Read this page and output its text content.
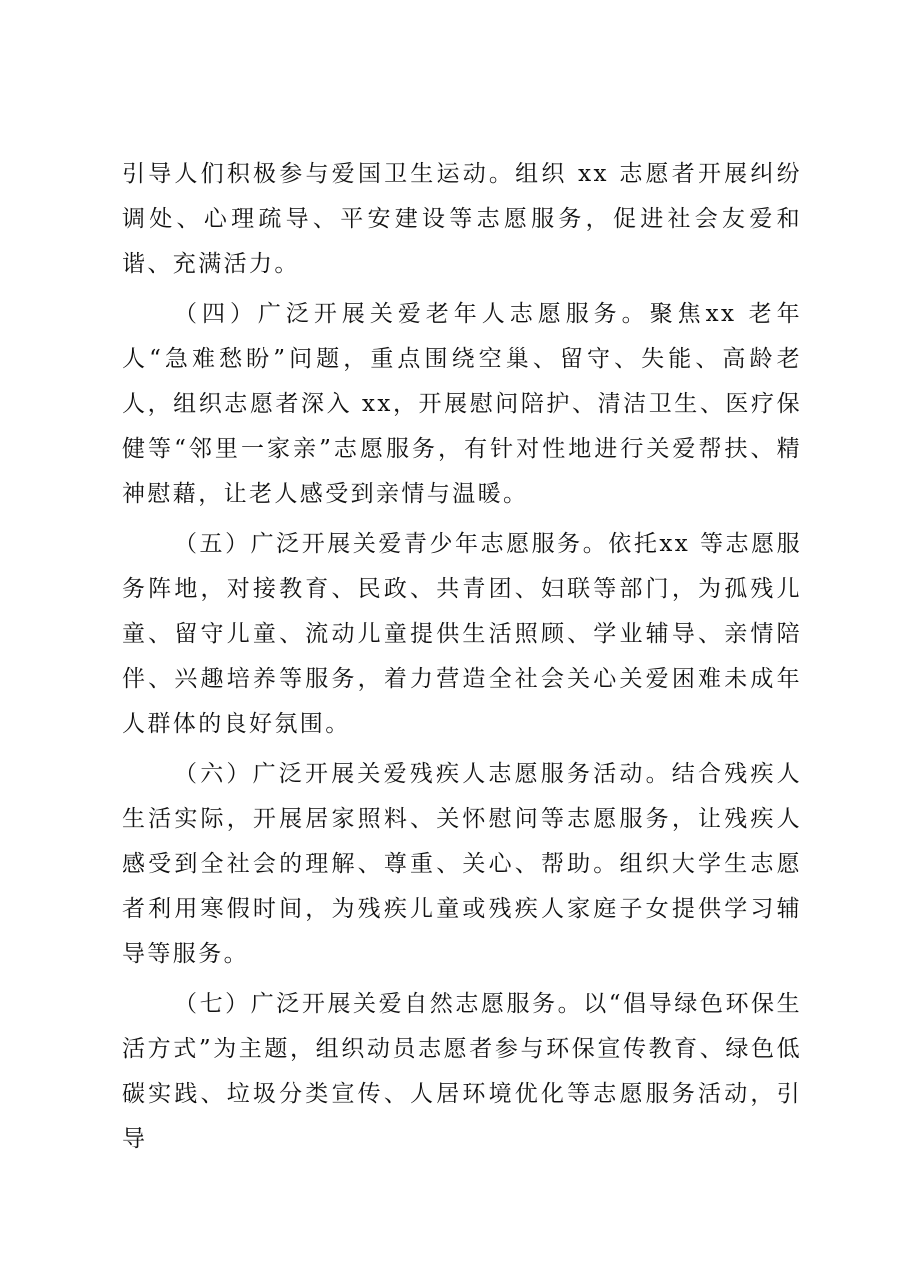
引导人们积极参与爱国卫生运动。组织 xx 志愿者开展纠纷调处、心理疏导、平安建设等志愿服务，促进社会友爱和谐、充满活力。

（四）广泛开展关爱老年人志愿服务。聚焦xx 老年人“急难愁盼”问题，重点围绕空巢、留守、失能、高龄老人，组织志愿者深入 xx，开展慰问陪护、清洁卫生、医疗保健等“邻里一家亲”志愿服务，有针对性地进行关爱帮扶、精神慰藉，让老人感受到亲情与温暖。

（五）广泛开展关爱青少年志愿服务。依托xx 等志愿服务阵地，对接教育、民政、共青团、妇联等部门，为孤残儿童、留守儿童、流动儿童提供生活照顾、学业辅导、亲情陪伴、兴趣培养等服务，着力营造全社会关心关爱困难未成年人群体的良好氛围。

（六）广泛开展关爱残疾人志愿服务活动。结合残疾人生活实际，开展居家照料、关怀慰问等志愿服务，让残疾人感受到全社会的理解、尊重、关心、帮助。组织大学生志愿者利用寒假时间，为残疾儿童或残疾人家庭子女提供学习辅导等服务。

（七）广泛开展关爱自然志愿服务。以“倡导绿色环保生活方式”为主题，组织动员志愿者参与环保宣传教育、绿色低碳实践、垃圾分类宣传、人居环境优化等志愿服务活动，引导
